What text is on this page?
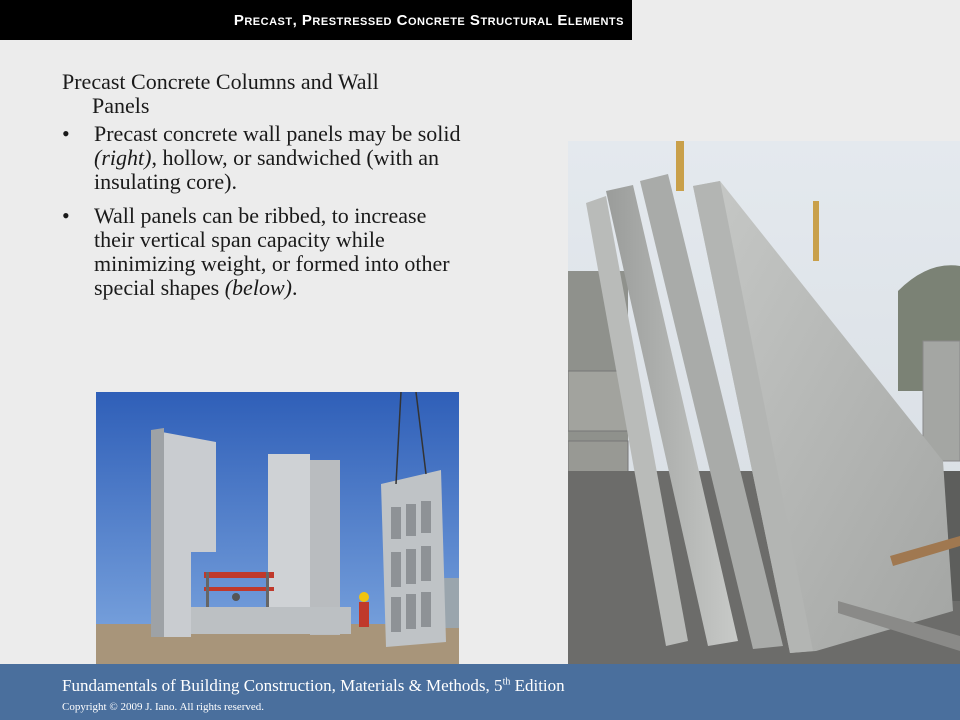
Precast, Prestressed Concrete Structural Elements
Precast Concrete Columns and Wall
Panels
• Precast concrete wall panels may be solid (right), hollow, or sandwiched (with an insulating core).
• Wall panels can be ribbed, to increase their vertical span capacity while minimizing weight, or formed into other special shapes (below).
Fundamentals of Building Construction, Materials & Methods, 5th Edition
Copyright © 2009 J. Iano. All rights reserved.
